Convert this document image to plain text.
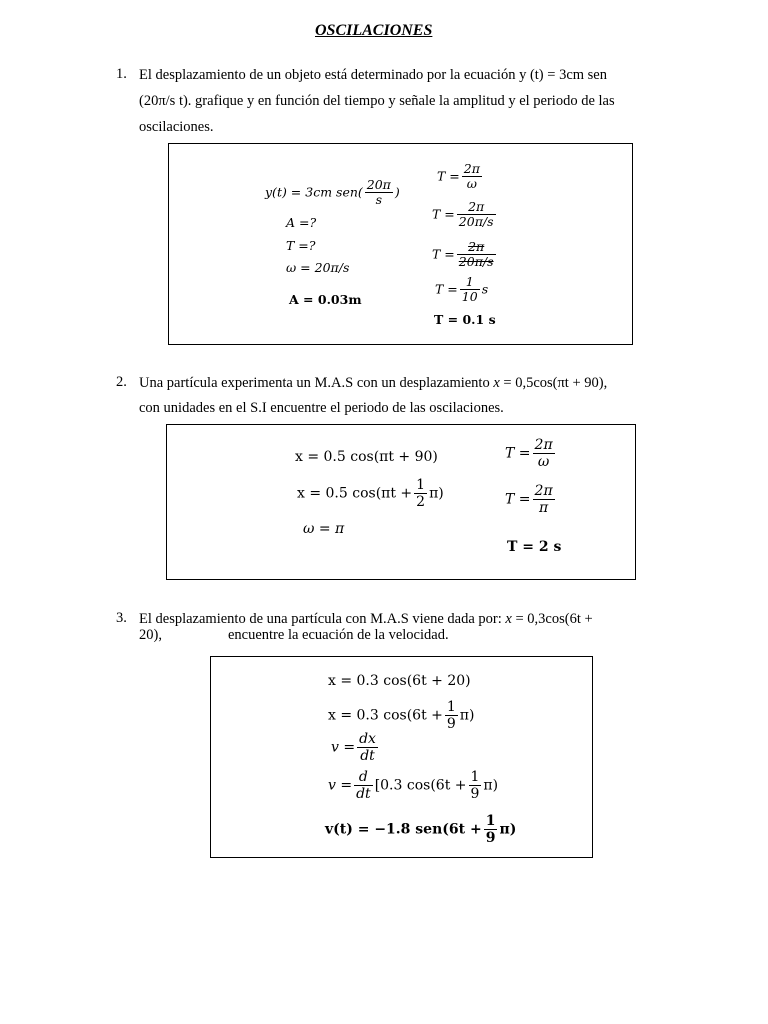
OSCILACIONES
1. El desplazamiento de un objeto está determinado por la ecuación y (t) = 3cm sen
(20π/s t). grafique y en función del tiempo y señale la amplitud y el periodo de las
oscilaciones.
y(t) = 3cm $sen( \frac{20\pi}{s}$ )
A =?
T =?
ω = 20π/s
A = 0.03m
$T = \frac{2\pi}{\omega}$
$T = \frac{2\pi}{20\pi/s}$
$T = \frac{2\pi}{20\pi/s}$
$T = \frac{1}{10}$ s
T = 0.1 s
2. Una partícula experimenta un M.A.S con un desplazamiento x = 0,5cos(πt + 90),
con unidades en el S.I encuentre el periodo de las oscilaciones.
x = 0.5 cos(πt + 90)
x = 0.5 $\cos(\pi t + \frac{1}{2} \pi)$
ω = π
$T = \frac{2\pi}{\omega}$
$T = \frac{2\pi}{\pi}$
T = 2 s
3. El desplazamiento de una partícula con M.A.S viene dada por: x = 0,3cos(6t +
20),	encuentre la ecuación de la velocidad.
x = 0.3 cos(6t + 20)
x = 0.3 $\cos(6t + \frac{1}{9} \pi)$
$v = \frac{dx}{dt}$
$v = \frac{d}{dt} [0.3$ $\cos(6t + \frac{1}{9} \pi)$
v(t) = −1.8 $sen(6t + \frac{1}{9} \pi)$
